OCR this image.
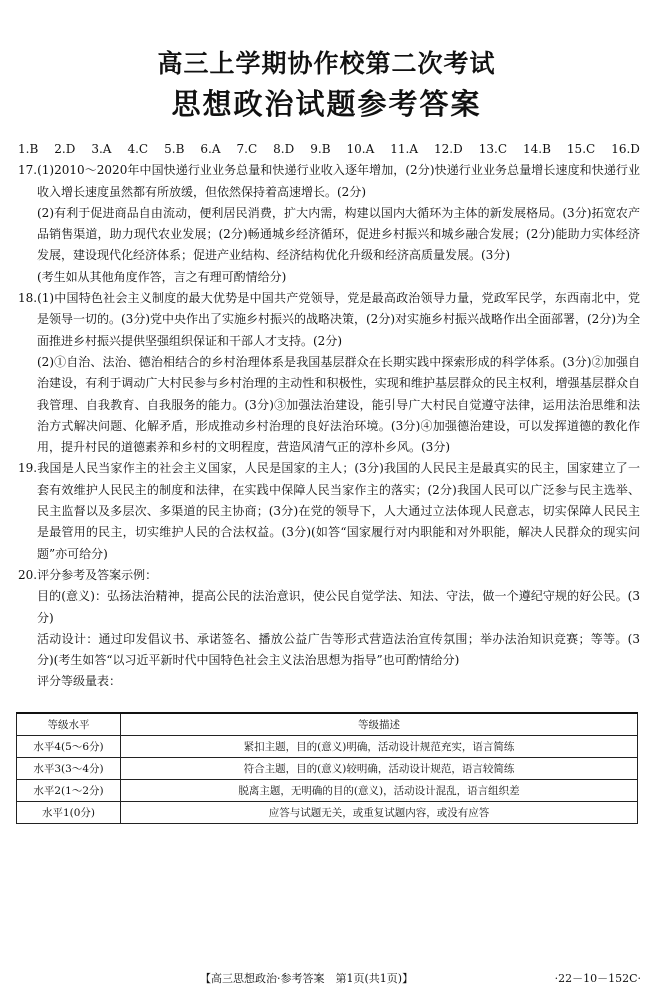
高三上学期协作校第二次考试
思想政治试题参考答案
1.B 2.D 3.A 4.C 5.B 6.A 7.C 8.D 9.B 10.A 11.A 12.D 13.C 14.B 15.C 16.D

17.(1)2010～2020年中国快递行业业务总量和快递行业收入逐年增加，(2分)快递行业业务总量增长速度和快递行业收入增长速度虽然都有所放缓，但依然保持着高速增长。(2分)

(2)有利于促进商品自由流动，便利居民消费，扩大内需，构建以国内大循环为主体的新发展格局。(3分)拓宽农产品销售渠道，助力现代农业发展；(2分)畅通城乡经济循环，促进乡村振兴和城乡融合发展；(2分)能助力实体经济发展，建设现代化经济体系；促进产业结构、经济结构优化升级和经济高质量发展。(3分)

(考生如从其他角度作答，言之有理可酌情给分)

18.(1)中国特色社会主义制度的最大优势是中国共产党领导，党是最高政治领导力量，党政军民学，东西南北中，党是领导一切的。(3分)党中央作出了实施乡村振兴的战略决策，(2分)对实施乡村振兴战略作出全面部署，(2分)为全面推进乡村振兴提供坚强组织保证和干部人才支持。(2分)

(2)①自治、法治、德治相结合的乡村治理体系是我国基层群众在长期实践中探索形成的科学体系。(3分)②加强自治建设，有利于调动广大村民参与乡村治理的主动性和积极性，实现和维护基层群众的民主权利，增强基层群众自我管理、自我教育、自我服务的能力。(3分)③加强法治建设，能引导广大村民自觉遵守法律，运用法治思维和法治方式解决问题、化解矛盾，形成推动乡村治理的良好法治环境。(3分)④加强德治建设，可以发挥道德的教化作用，提升村民的道德素养和乡村的文明程度，营造风清气正的淳朴乡风。(3分)

19.我国是人民当家作主的社会主义国家，人民是国家的主人；(3分)我国的人民民主是最真实的民主，国家建立了一套有效维护人民民主的制度和法律，在实践中保障人民当家作主的落实；(2分)我国人民可以广泛参与民主选举、民主监督以及多层次、多渠道的民主协商；(3分)在党的领导下，人大通过立法体现人民意志，切实保障人民民主是最管用的民主，切实维护人民的合法权益。(3分)(如答“国家履行对内职能和对外职能，解决人民群众的现实问题”亦可给分)

20.评分参考及答案示例：

目的(意义)：弘扬法治精神，提高公民的法治意识，使公民自觉学法、知法、守法，做一个遵纪守规的好公民。(3分)

活动设计：通过印发倡议书、承诺签名、播放公益广告等形式营造法治宣传氛围；举办法治知识竞赛；等等。(3分)(考生如答“以习近平新时代中国特色社会主义法治思想为指导”也可酌情给分)

评分等级量表：

等级水平	等级描述
水平4(5～6分)	紧扣主题，目的(意义)明确，活动设计规范充实，语言简练
水平3(3～4分)	符合主题，目的(意义)较明确，活动设计规范，语言较简练
水平2(1～2分)	脱离主题，无明确的目的(意义)，活动设计混乱，语言组织差
水平1(0分)	应答与试题无关，或重复试题内容，或没有应答
【高三思想政治·参考答案　第1页(共1页)】	·22－10－152C·
